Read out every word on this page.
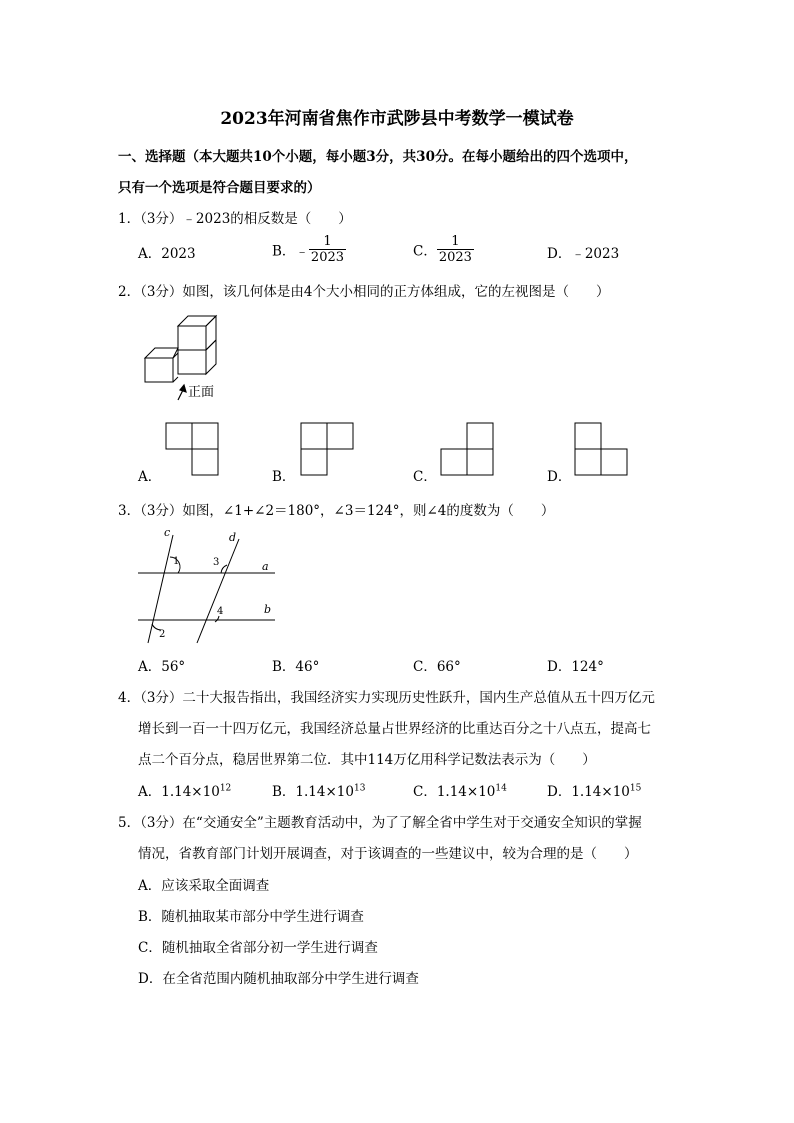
2023年河南省焦作市武陟县中考数学一模试卷
一、选择题（本大题共10个小题，每小题3分，共30分。在每小题给出的四个选项中，
只有一个选项是符合题目要求的）
1．（3分）﹣2023的相反数是（　　）
A．2023	B．﹣ $\frac{1}{2023}$	C． $\frac{1}{2023}$	D．﹣2023
2．（3分）如图，该几何体是由4个大小相同的正方体组成，它的左视图是（　　）
正面
A．	B．	C．	D．
3．（3分）如图，∠1+∠2＝180°，∠3＝124°，则∠4的度数为（　　）
c	d
a
b
1
2
3
4
A．56°	B．46°	C．66°	D．124°
4．（3分）二十大报告指出，我国经济实力实现历史性跃升，国内生产总值从五十四万亿元
增长到一百一十四万亿元，我国经济总量占世界经济的比重达百分之十八点五，提高七
点二个百分点，稳居世界第二位．其中114万亿用科学记数法表示为（　　）
A．$1.14\times 10^{12}$	B．$1.14\times 10^{13}$	C．$1.14\times 10^{14}$	D．$1.14\times 10^{15}$
5．（3分）在“交通安全”主题教育活动中，为了了解全省中学生对于交通安全知识的掌握
情况，省教育部门计划开展调查，对于该调查的一些建议中，较为合理的是（　　）
A．应该采取全面调查
B．随机抽取某市部分中学生进行调查
C．随机抽取全省部分初一学生进行调查
D．在全省范围内随机抽取部分中学生进行调查
